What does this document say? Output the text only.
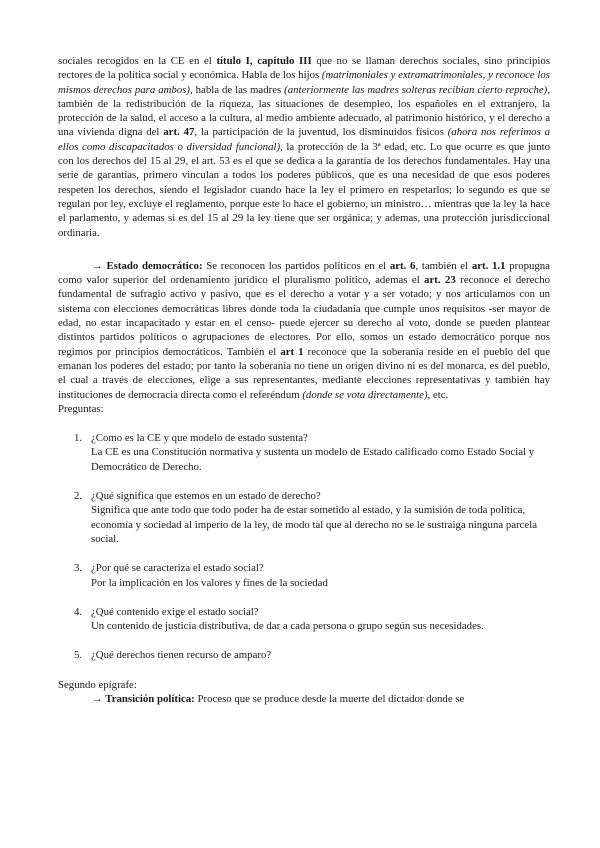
sociales recogidos en la CE en el título I, capítulo III que no se llaman derechos sociales, sino principios rectores de la política social y económica. Habla de los hijos (matrimoniales y extramatrimoniales, y reconoce los mismos derechos para ambos), habla de las madres (anteriormente las madres solteras recibían cierto reproche), también de la redistribución de la riqueza, las situaciones de desempleo, los españoles en el extranjero, la protección de la salud, el acceso a la cultura, al medio ambiente adecuado, al patrimonio histórico, y el derecho a una vivienda digna del art. 47, la participación de la juventud, los disminuidos físicos (ahora nos referimos a ellos como discapacitados o diversidad funcional), la protección de la 3ª edad, etc. Lo que ocurre es que junto con los derechos del 15 al 29, el art. 53 es el que se dedica a la garantía de los derechos fundamentales. Hay una serie de garantías, primero vinculan a todos los poderes públicos, que es una necesidad de que esos poderes respeten los derechos, siendo el legislador cuando hace la ley el primero en respetarlos; lo segundo es que se regulan por ley, excluye el reglamento, porque este lo hace el gobierno, un ministro… mientras que la ley la hace el parlamento, y ademas si es del 15 al 29 la ley tiene que ser orgánica; y ademas, una protección jurisdiccional ordinaria.

→ Estado democrático: Se reconocen los partidos políticos en el art. 6, también el art. 1.1 propugna como valor superior del ordenamiento jurídico el pluralismo político, ademas el art. 23 reconoce el derecho fundamental de sufragio activo y pasivo, que es el derecho a votar y a ser votado; y nos articulamos con un sistema con elecciones democráticas libres donde toda la ciudadanía que cumple unos requisitos -ser mayor de edad, no estar incapacitado y estar en el censo- puede ejercer su derecho al voto, donde se pueden plantear distintos partidos políticos o agrupaciones de electores. Por ello, somos un estado democrático porque nos regimos por principios democráticos. También el art 1 reconoce que la soberanía reside en el pueblo del que emanan los poderes del estado; por tanto la soberanía no tiene un origen divino ni es del monarca, es del pueblo, el cual a través de elecciones, elige a sus representantes, mediante elecciones representativas y también hay instituciones de democracia directa como el referéndum (donde se vota directamente), etc.

Preguntas:

1. ¿Como es la CE y que modelo de estado sustenta?
La CE es una Constitución normativa y sustenta un modelo de Estado calificado como Estado Social y Democrático de Derecho.
2. ¿Qué significa que estemos en un estado de derecho?
Significa que ante todo que todo poder ha de estar sometido al estado, y la sumisión de toda política, economía y sociedad al imperio de la ley, de modo tal que al derecho no se le sustraiga ninguna parcela social.
3. ¿Por qué se caracteriza el estado social?
Por la implicación en los valores y fines de la sociedad
4. ¿Qué contenido exige el estado social?
Un contenido de justicia distributiva, de dar a cada persona o grupo según sus necesidades.
5. ¿Qué derechos tienen recurso de amparo?

Segundo epígrafe:

→ Transición política: Proceso que se produce desde la muerte del dictador donde se
